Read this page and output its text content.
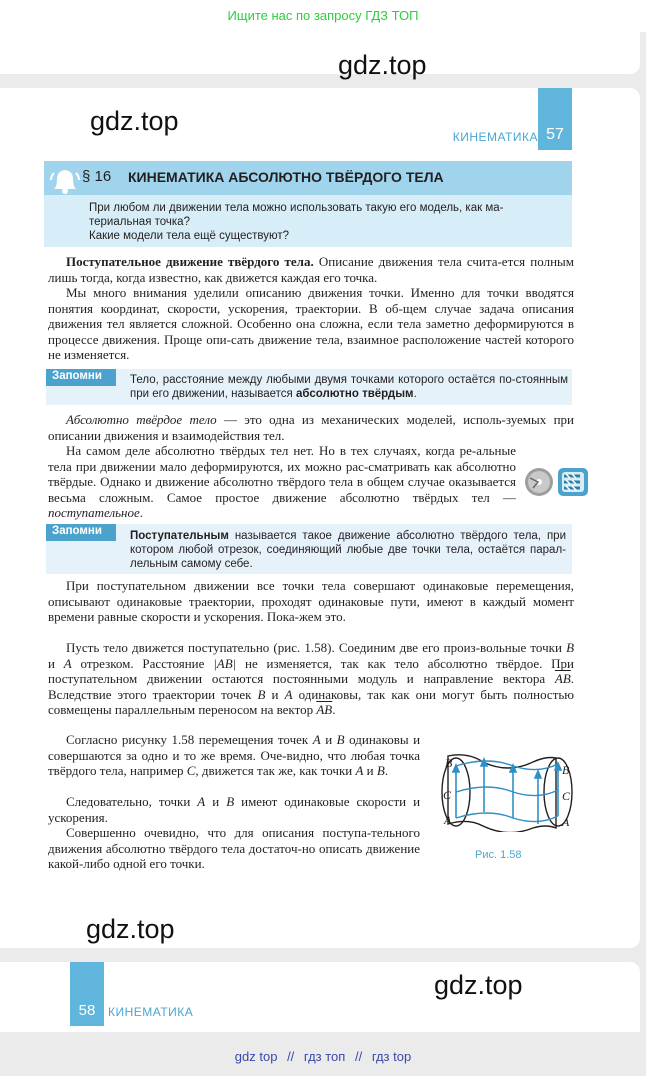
Ищите нас по запросу ГДЗ ТОП
gdz.top
gdz.top	57
КИНЕМАТИКА
§ 16 КИНЕМАТИКА АБСОЛЮТНО ТВЁРДОГО ТЕЛА
При любом ли движении тела можно использовать такую его модель, как ма-
териальная точка?
Какие модели тела ещё существуют?
Поступательное движение твёрдого тела. Описание движения тела счита-ется полным лишь тогда, когда известно, как движется каждая его точка.
Мы много внимания уделили описанию движения точки. Именно для точки вводятся понятия координат, скорости, ускорения, траектории. В об-щем случае задача описания движения тел является сложной. Особенно она сложна, если тела заметно деформируются в процессе движения. Проще опи-сать движение тела, взаимное расположение частей которого не изменяется.
Запомни	Тело, расстояние между любыми двумя точками которого остаётся по-стоянным при его движении, называется абсолютно твёрдым.
Абсолютно твёрдое тело — это одна из механических моделей, исполь-зуемых при описании движения и взаимодействия тел.
На самом деле абсолютно твёрдых тел нет. Но в тех случаях, когда ре-альные тела при движении мало деформируются, их можно рас-сматривать как абсолютно твёрдые. Однако и движение абсолютно твёрдого тела в общем случае оказывается весьма сложным. Самое простое движение абсолютно твёрдых тел — поступательное.
Запомни	Поступательным называется такое движение абсолютно твёрдого тела, при котором любой отрезок, соединяющий любые две точки тела, остаётся парал-лельным самому себе.
При поступательном движении все точки тела совершают одинаковые перемещения, описывают одинаковые траектории, проходят одинаковые пути, имеют в каждый момент времени равные скорости и ускорения. Пока-жем это.
Пусть тело движется поступательно (рис. 1.58). Соединим две его произ-вольные точки B и A отрезком. Расстояние |AB| не изменяется, так как тело абсолютно твёрдое. При поступательном движении остаются постоянными модуль и направление вектора $\overline{AB}$. Вследствие этого траектории точек B и A одинаковы, так как они могут быть полностью совмещены параллельным переносом на вектор $\overline{AB}$.
Согласно рисунку 1.58 перемещения точек A и B одинаковы и совершаются за одно и то же время. Оче-видно, что любая точка твёрдого тела, например C, движется так же, как точки A и B.
Следовательно, точки A и B имеют одинаковые скорости и ускорения.
Совершенно очевидно, что для описания поступа-тельного движения абсолютно твёрдого тела достаточ-но описать движение какой-либо одной его точки.
B
C
A
B
C
A
Рис. 1.58
gdz.top
58	КИНЕМАТИКА
gdz.top
gdz top // гдз топ // гдз top
